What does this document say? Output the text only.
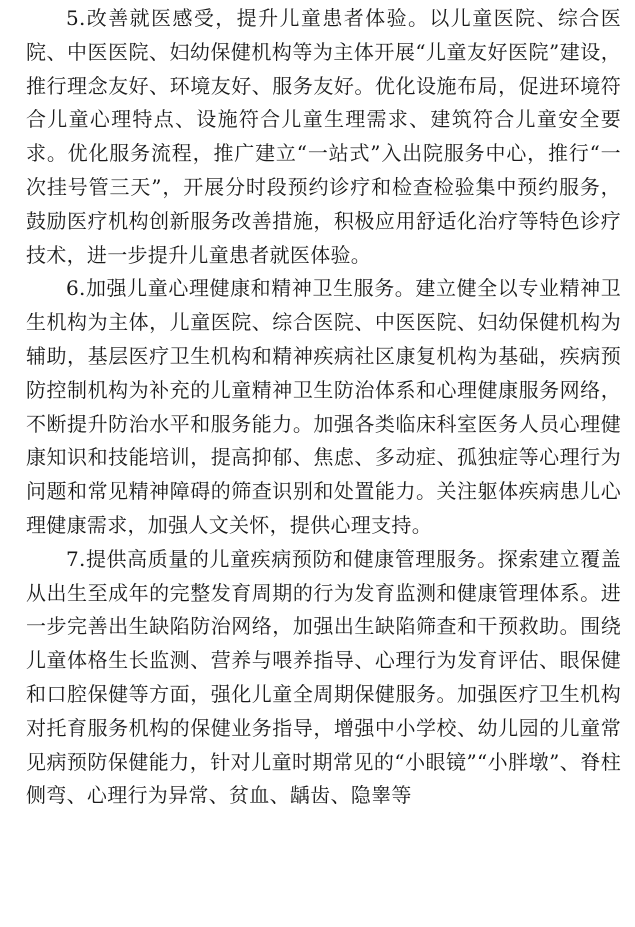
5.改善就医感受，提升儿童患者体验。以儿童医院、综合医院、中医医院、妇幼保健机构等为主体开展“儿童友好医院”建设，推行理念友好、环境友好、服务友好。优化设施布局，促进环境符合儿童心理特点、设施符合儿童生理需求、建筑符合儿童安全要求。优化服务流程，推广建立“一站式”入出院服务中心，推行“一次挂号管三天”，开展分时段预约诊疗和检查检验集中预约服务，鼓励医疗机构创新服务改善措施，积极应用舒适化治疗等特色诊疗技术，进一步提升儿童患者就医体验。

6.加强儿童心理健康和精神卫生服务。建立健全以专业精神卫生机构为主体，儿童医院、综合医院、中医医院、妇幼保健机构为辅助，基层医疗卫生机构和精神疾病社区康复机构为基础，疾病预防控制机构为补充的儿童精神卫生防治体系和心理健康服务网络，不断提升防治水平和服务能力。加强各类临床科室医务人员心理健康知识和技能培训，提高抑郁、焦虑、多动症、孤独症等心理行为问题和常见精神障碍的筛查识别和处置能力。关注躯体疾病患儿心理健康需求，加强人文关怀，提供心理支持。

7.提供高质量的儿童疾病预防和健康管理服务。探索建立覆盖从出生至成年的完整发育周期的行为发育监测和健康管理体系。进一步完善出生缺陷防治网络，加强出生缺陷筛查和干预救助。围绕儿童体格生长监测、营养与喂养指导、心理行为发育评估、眼保健和口腔保健等方面，强化儿童全周期保健服务。加强医疗卫生机构对托育服务机构的保健业务指导，增强中小学校、幼儿园的儿童常见病预防保健能力，针对儿童时期常见的“小眼镜”“小胖墩”、脊柱侧弯、心理行为异常、贫血、龋齿、隐睾等
